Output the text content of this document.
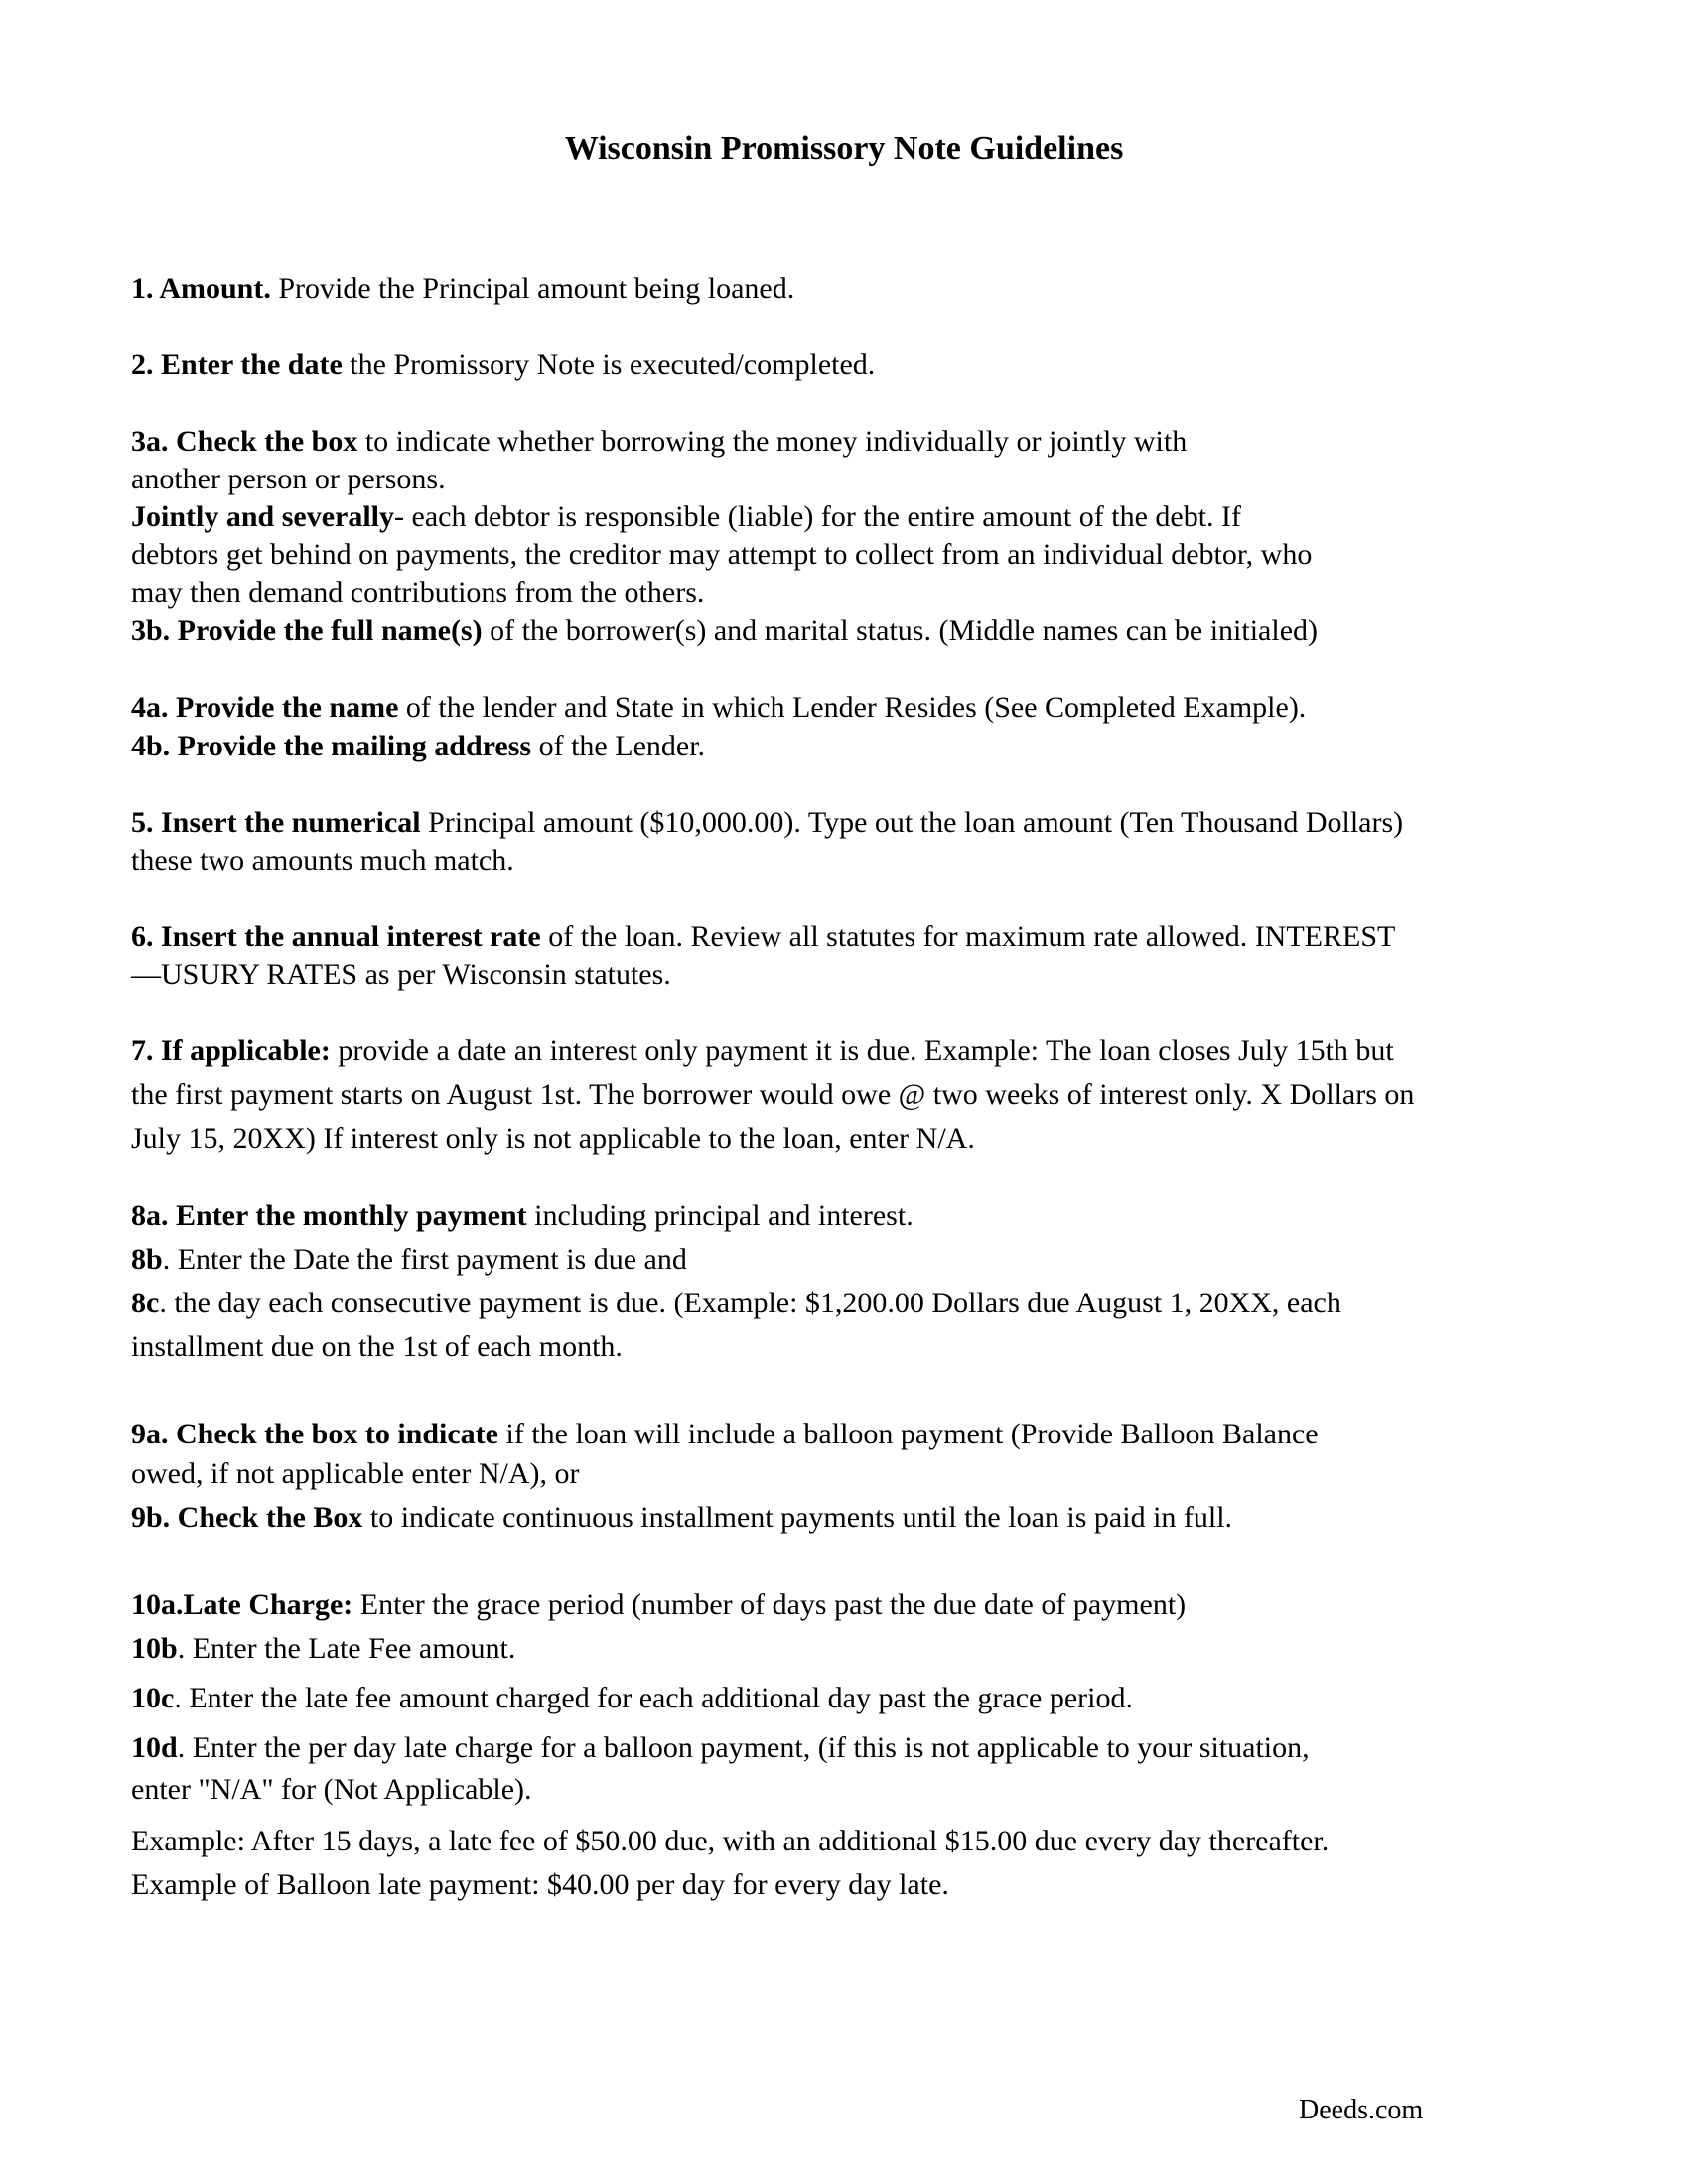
Wisconsin Promissory Note Guidelines
1. Amount. Provide the Principal amount being loaned.
2. Enter the date the Promissory Note is executed/completed.
3a. Check the box to indicate whether borrowing the money individually or jointly with
another person or persons.
Jointly and severally- each debtor is responsible (liable) for the entire amount of the debt. If
debtors get behind on payments, the creditor may attempt to collect from an individual debtor, who
may then demand contributions from the others.
3b. Provide the full name(s) of the borrower(s) and marital status. (Middle names can be initialed)
4a. Provide the name of the lender and State in which Lender Resides (See Completed Example).
4b. Provide the mailing address of the Lender.
5. Insert the numerical Principal amount ($10,000.00). Type out the loan amount (Ten Thousand Dollars)
these two amounts much match.
6. Insert the annual interest rate of the loan. Review all statutes for maximum rate allowed. INTEREST
—USURY RATES as per Wisconsin statutes.
7. If applicable: provide a date an interest only payment it is due. Example: The loan closes July 15th but
the first payment starts on August 1st. The borrower would owe @ two weeks of interest only. X Dollars on
July 15, 20XX) If interest only is not applicable to the loan, enter N/A.
8a. Enter the monthly payment including principal and interest.
8b. Enter the Date the first payment is due and
8c. the day each consecutive payment is due. (Example: $1,200.00 Dollars due August 1, 20XX, each
installment due on the 1st of each month.
9a. Check the box to indicate if the loan will include a balloon payment (Provide Balloon Balance
owed, if not applicable enter N/A), or
9b. Check the Box to indicate continuous installment payments until the loan is paid in full.
10a.Late Charge: Enter the grace period (number of days past the due date of payment)
10b. Enter the Late Fee amount.
10c. Enter the late fee amount charged for each additional day past the grace period.
10d. Enter the per day late charge for a balloon payment, (if this is not applicable to your situation,
enter "N/A" for (Not Applicable).
Example: After 15 days, a late fee of $50.00 due, with an additional $15.00 due every day thereafter.
Example of Balloon late payment: $40.00 per day for every day late.
Deeds.com
